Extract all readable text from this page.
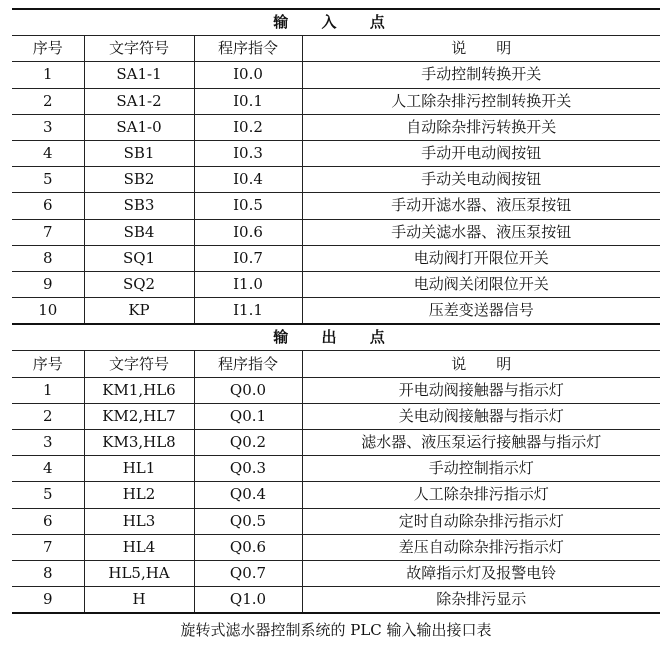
输 入 点			
序号	文字符号	程序指令	说　　明
1	SA1-1	I0.0	手动控制转换开关
2	SA1-2	I0.1	人工除杂排污控制转换开关
3	SA1-0	I0.2	自动除杂排污转换开关
4	SB1	I0.3	手动开电动阀按钮
5	SB2	I0.4	手动关电动阀按钮
6	SB3	I0.5	手动开滤水器、液压泵按钮
7	SB4	I0.6	手动关滤水器、液压泵按钮
8	SQ1	I0.7	电动阀打开限位开关
9	SQ2	I1.0	电动阀关闭限位开关
10	KP	I1.1	压差变送器信号
输 出 点			
序号	文字符号	程序指令	说　　明
1	KM1,HL6	Q0.0	开电动阀接触器与指示灯
2	KM2,HL7	Q0.1	关电动阀接触器与指示灯
3	KM3,HL8	Q0.2	滤水器、液压泵运行接触器与指示灯
4	HL1	Q0.3	手动控制指示灯
5	HL2	Q0.4	人工除杂排污指示灯
6	HL3	Q0.5	定时自动除杂排污指示灯
7	HL4	Q0.6	差压自动除杂排污指示灯
8	HL5,HA	Q0.7	故障指示灯及报警电铃
9	H	Q1.0	除杂排污显示
旋转式滤水器控制系统的 PLC 输入输出接口表
